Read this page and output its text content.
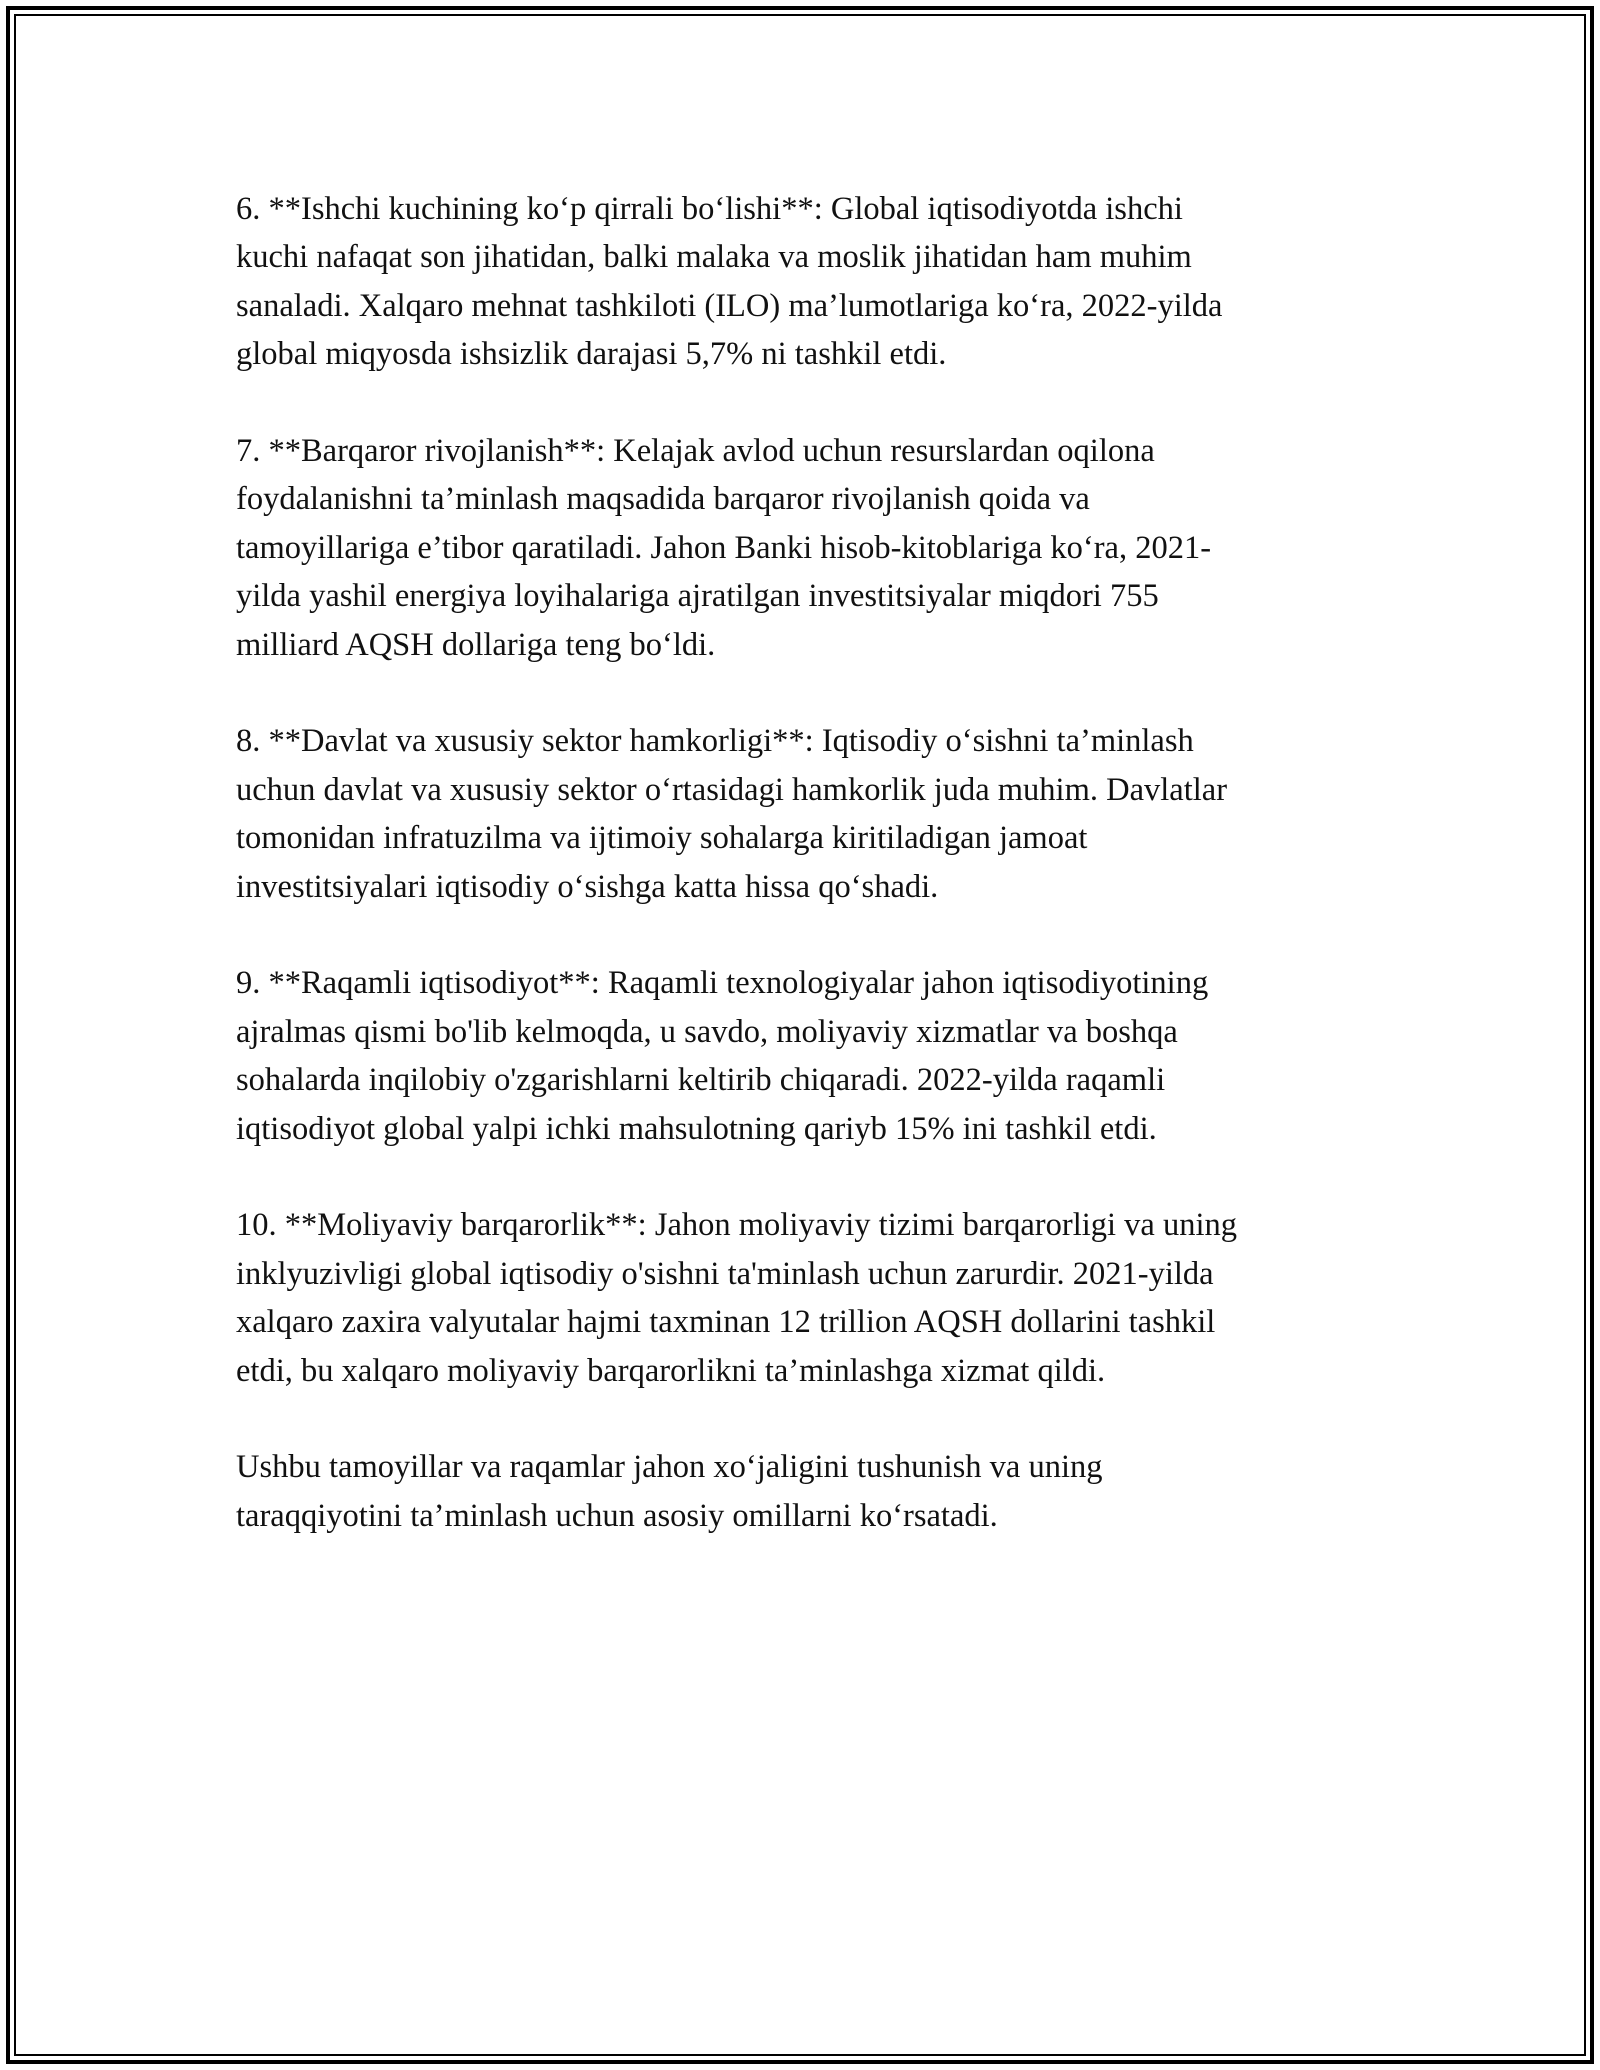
6. **Ishchi kuchining ko‘p qirrali bo‘lishi**: Global iqtisodiyotda ishchi
kuchi nafaqat son jihatidan, balki malaka va moslik jihatidan ham muhim
sanaladi. Xalqaro mehnat tashkiloti (ILO) ma’lumotlariga ko‘ra, 2022-yilda
global miqyosda ishsizlik darajasi 5,7% ni tashkil etdi.

7. **Barqaror rivojlanish**: Kelajak avlod uchun resurslardan oqilona
foydalanishni ta’minlash maqsadida barqaror rivojlanish qoida va
tamoyillariga e’tibor qaratiladi. Jahon Banki hisob-kitoblariga ko‘ra, 2021-
yilda yashil energiya loyihalariga ajratilgan investitsiyalar miqdori 755
milliard AQSH dollariga teng bo‘ldi.

8. **Davlat va xususiy sektor hamkorligi**: Iqtisodiy o‘sishni ta’minlash
uchun davlat va xususiy sektor o‘rtasidagi hamkorlik juda muhim. Davlatlar
tomonidan infratuzilma va ijtimoiy sohalarga kiritiladigan jamoat
investitsiyalari iqtisodiy o‘sishga katta hissa qo‘shadi.

9. **Raqamli iqtisodiyot**: Raqamli texnologiyalar jahon iqtisodiyotining
ajralmas qismi bo'lib kelmoqda, u savdo, moliyaviy xizmatlar va boshqa
sohalarda inqilobiy o'zgarishlarni keltirib chiqaradi. 2022-yilda raqamli
iqtisodiyot global yalpi ichki mahsulotning qariyb 15% ini tashkil etdi.

10. **Moliyaviy barqarorlik**: Jahon moliyaviy tizimi barqarorligi va uning
inklyuzivligi global iqtisodiy o'sishni ta'minlash uchun zarurdir. 2021-yilda
xalqaro zaxira valyutalar hajmi taxminan 12 trillion AQSH dollarini tashkil
etdi, bu xalqaro moliyaviy barqarorlikni ta’minlashga xizmat qildi.

Ushbu tamoyillar va raqamlar jahon xo‘jaligini tushunish va uning
taraqqiyotini ta’minlash uchun asosiy omillarni ko‘rsatadi.
